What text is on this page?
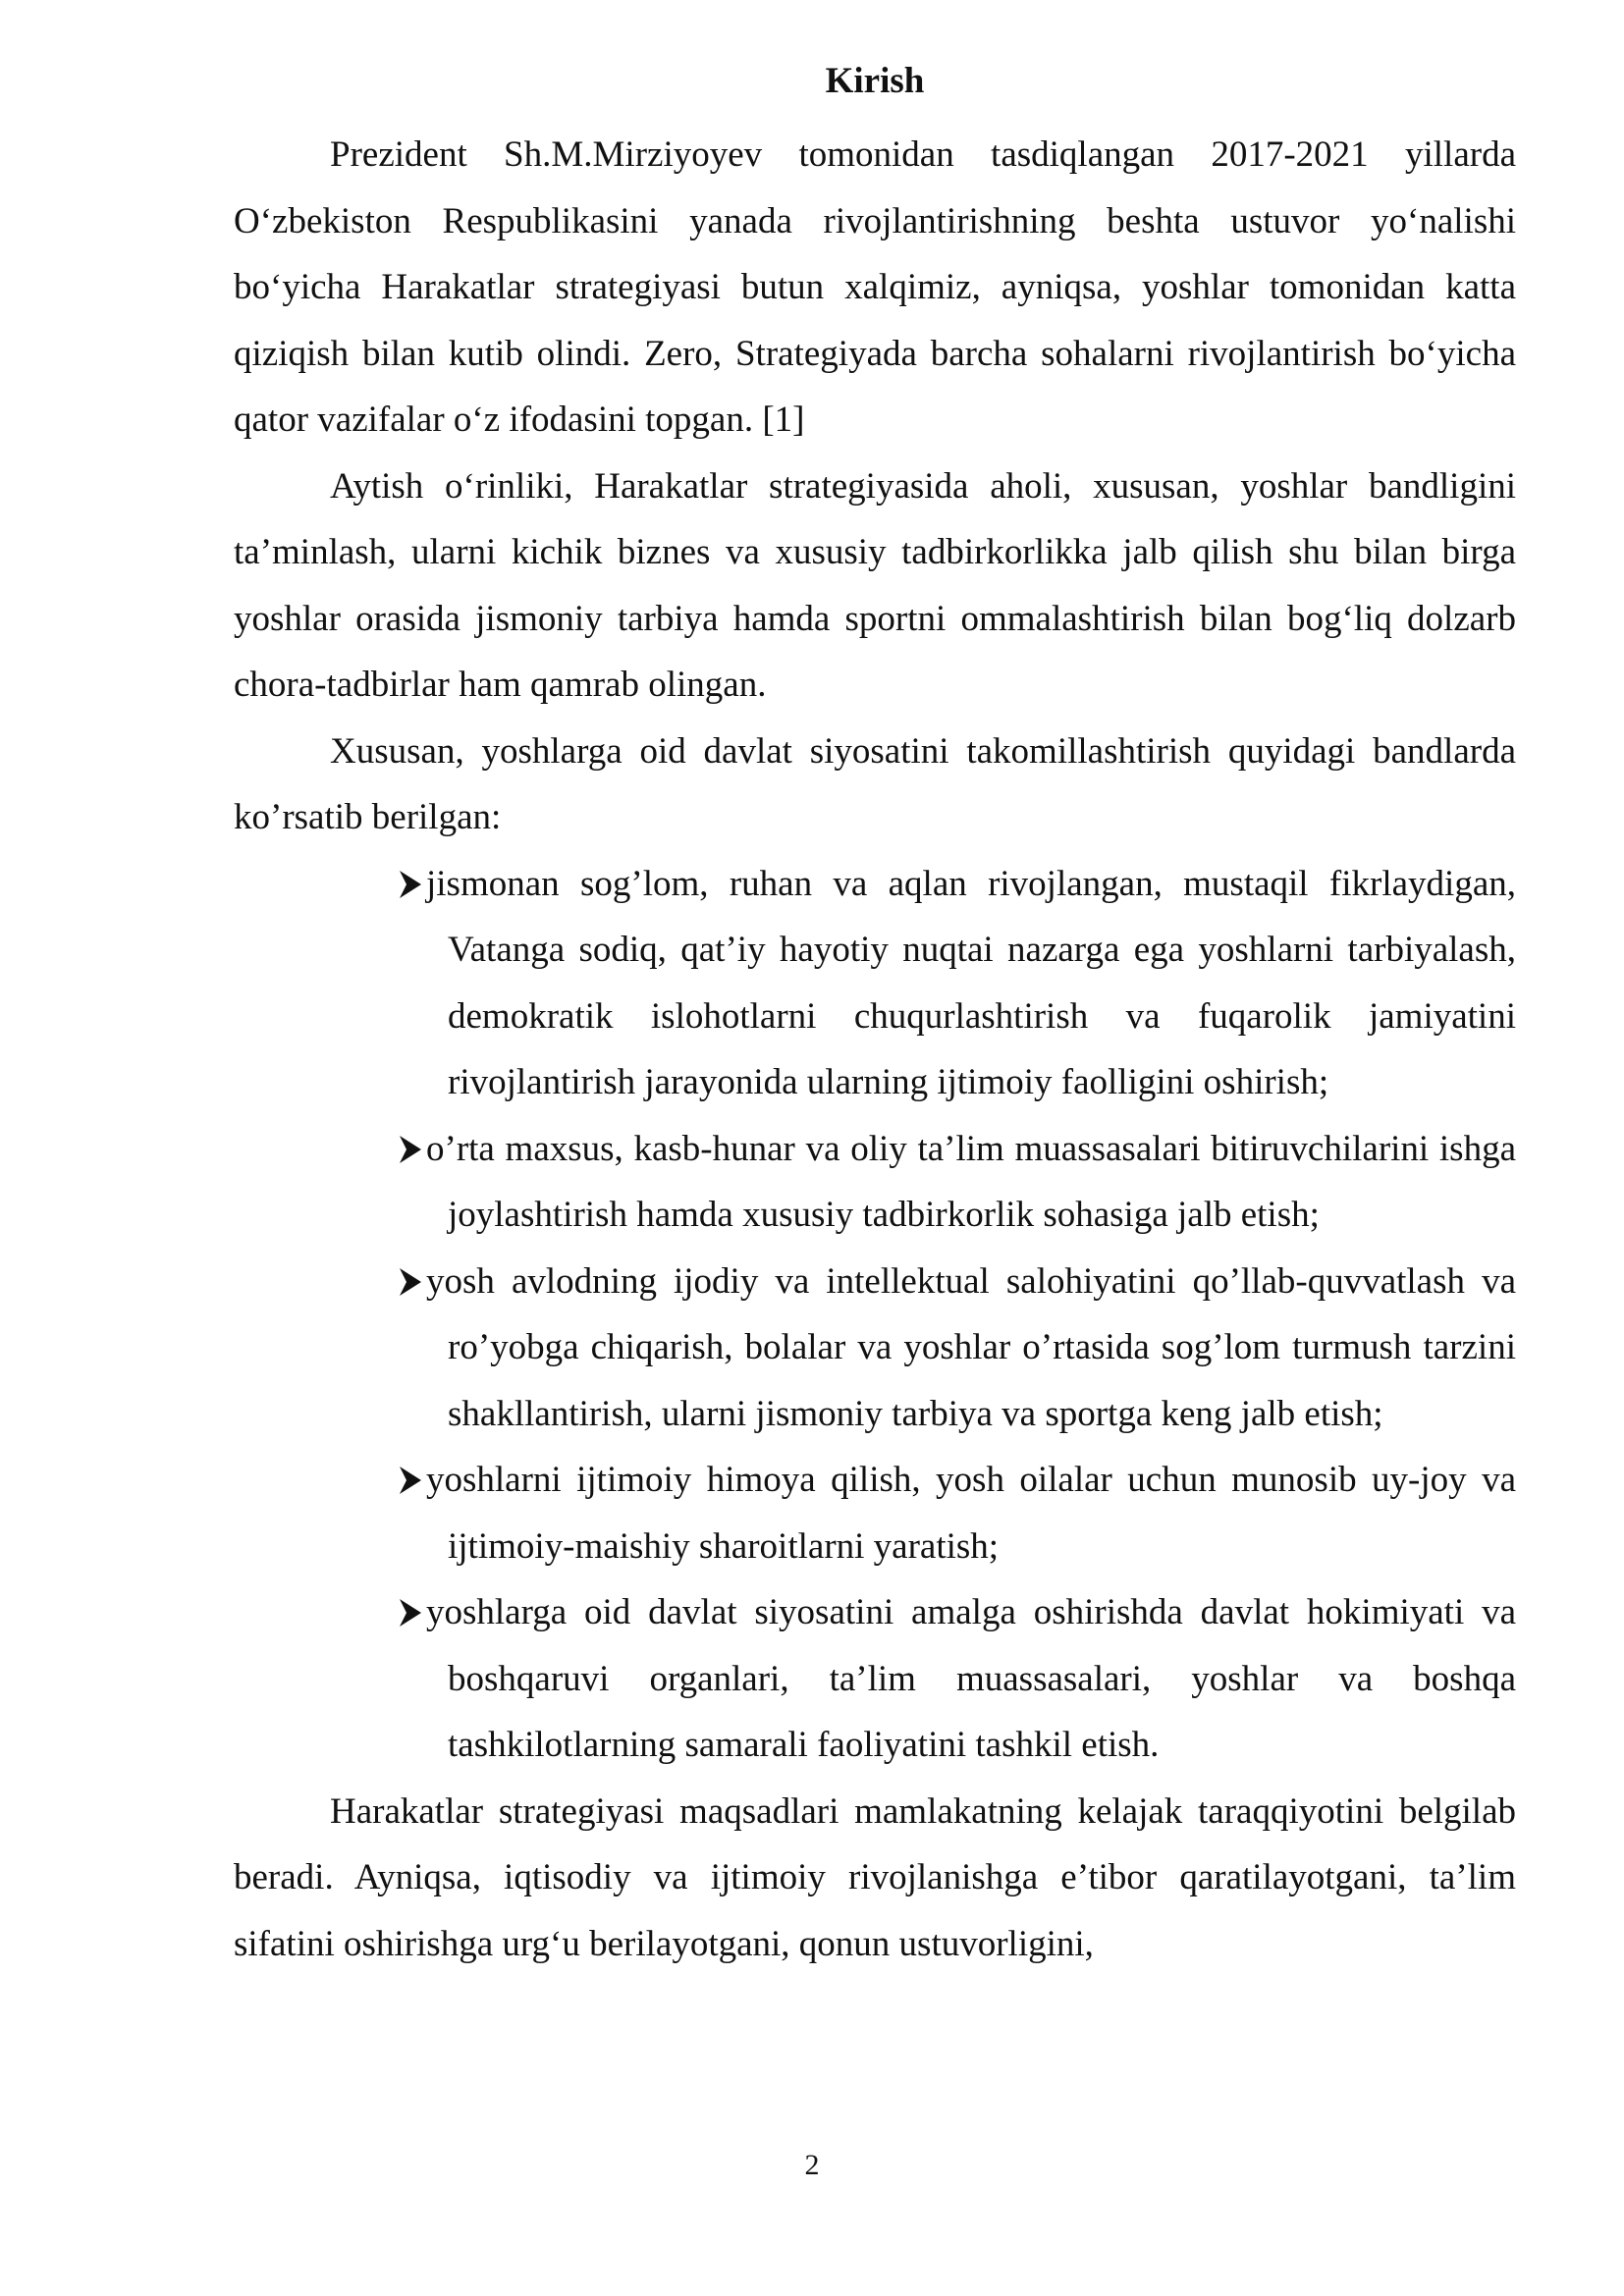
Kirish

Prezident Sh.M.Mirziyoyev tomonidan tasdiqlangan 2017-2021 yillarda O‘zbekiston Respublikasini yanada rivojlantirishning beshta ustuvor yo‘nalishi bo‘yicha Harakatlar strategiyasi butun xalqimiz, ayniqsa, yoshlar tomonidan katta qiziqish bilan kutib olindi. Zero, Strategiyada barcha sohalarni rivojlantirish bo‘yicha qator vazifalar o‘z ifodasini topgan. [1]

Aytish o‘rinliki, Harakatlar strategiyasida aholi, xususan, yoshlar bandligini ta’minlash, ularni kichik biznes va xususiy tadbirkorlikka jalb qilish shu bilan birga yoshlar orasida jismoniy tarbiya hamda sportni ommalashtirish bilan bog‘liq dolzarb chora-tadbirlar ham qamrab olingan.

Xususan, yoshlarga oid davlat siyosatini takomillashtirish quyidagi bandlarda ko’rsatib berilgan:

jismonan sog’lom, ruhan va aqlan rivojlangan, mustaqil fikrlaydigan, Vatanga sodiq, qat’iy hayotiy nuqtai nazarga ega yoshlarni tarbiyalash, demokratik islohotlarni chuqurlashtirish va fuqarolik jamiyatini rivojlantirish jarayonida ularning ijtimoiy faolligini oshirish;
o’rta maxsus, kasb-hunar va oliy ta’lim muassasalari bitiruvchilarini ishga joylashtirish hamda xususiy tadbirkorlik sohasiga jalb etish;
yosh avlodning ijodiy va intellektual salohiyatini qo’llab-quvvatlash va ro’yobga chiqarish, bolalar va yoshlar o’rtasida sog’lom turmush tarzini shakllantirish, ularni jismoniy tarbiya va sportga keng jalb etish;
yoshlarni ijtimoiy himoya qilish, yosh oilalar uchun munosib uy-joy va ijtimoiy-maishiy sharoitlarni yaratish;
yoshlarga oid davlat siyosatini amalga oshirishda davlat hokimiyati va boshqaruvi organlari, ta’lim muassasalari, yoshlar va boshqa tashkilotlarning samarali faoliyatini tashkil etish.

Harakatlar strategiyasi maqsadlari mamlakatning kelajak taraqqiyotini belgilab beradi. Ayniqsa, iqtisodiy va ijtimoiy rivojlanishga e’tibor qaratilayotgani, ta’lim sifatini oshirishga urg‘u berilayotgani, qonun ustuvorligini,

2
